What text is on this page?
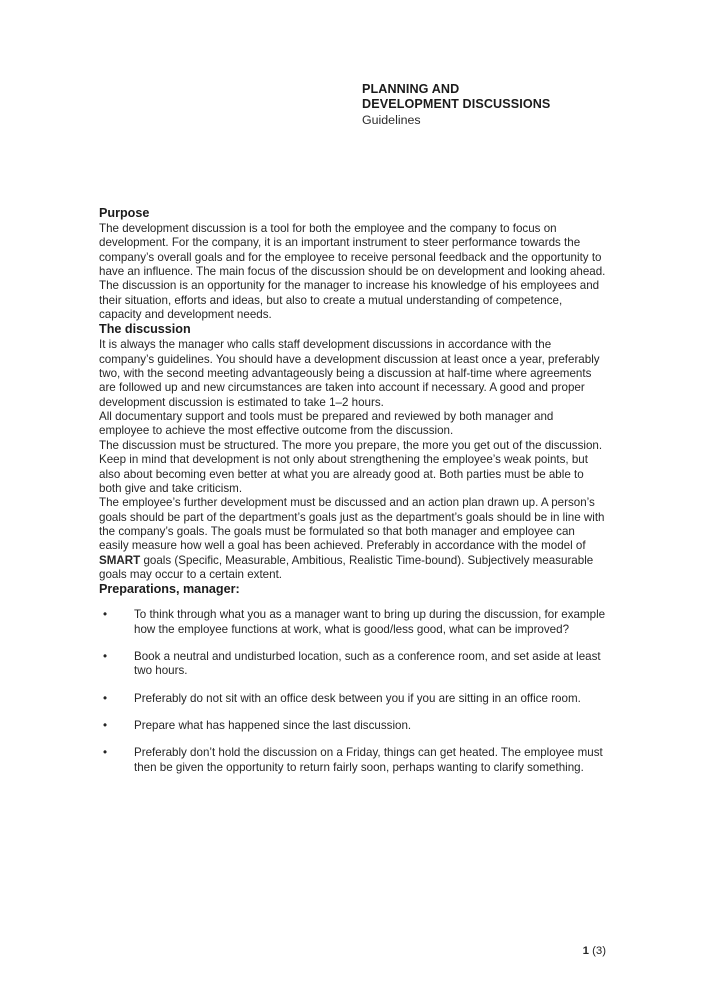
PLANNING AND
DEVELOPMENT DISCUSSIONS
Guidelines
Purpose

The development discussion is a tool for both the employee and the company to focus on development. For the company, it is an important instrument to steer performance towards the company’s overall goals and for the employee to receive personal feedback and the opportunity to have an influence. The main focus of the discussion should be on development and looking ahead.

The discussion is an opportunity for the manager to increase his knowledge of his employees and their situation, efforts and ideas, but also to create a mutual understanding of competence, capacity and development needs.

The discussion

It is always the manager who calls staff development discussions in accordance with the company’s guidelines. You should have a development discussion at least once a year, preferably two, with the second meeting advantageously being a discussion at half-time where agreements are followed up and new circumstances are taken into account if necessary. A good and proper development discussion is estimated to take 1–2 hours.

All documentary support and tools must be prepared and reviewed by both manager and employee to achieve the most effective outcome from the discussion.

The discussion must be structured. The more you prepare, the more you get out of the discussion. Keep in mind that development is not only about strengthening the employee’s weak points, but also about becoming even better at what you are already good at. Both parties must be able to both give and take criticism.

The employee’s further development must be discussed and an action plan drawn up. A person’s goals should be part of the department’s goals just as the department’s goals should be in line with the company’s goals. The goals must be formulated so that both manager and employee can easily measure how well a goal has been achieved. Preferably in accordance with the model of SMART goals (Specific, Measurable, Ambitious, Realistic Time-bound). Subjectively measurable goals may occur to a certain extent.

Preparations, manager:
• To think through what you as a manager want to bring up during the discussion, for example how the employee functions at work, what is good/less good, what can be improved?
• Book a neutral and undisturbed location, such as a conference room, and set aside at least two hours.
• Preferably do not sit with an office desk between you if you are sitting in an office room.
• Prepare what has happened since the last discussion.
• Preferably don’t hold the discussion on a Friday, things can get heated. The employee must then be given the opportunity to return fairly soon, perhaps wanting to clarify something.
1 (3)
